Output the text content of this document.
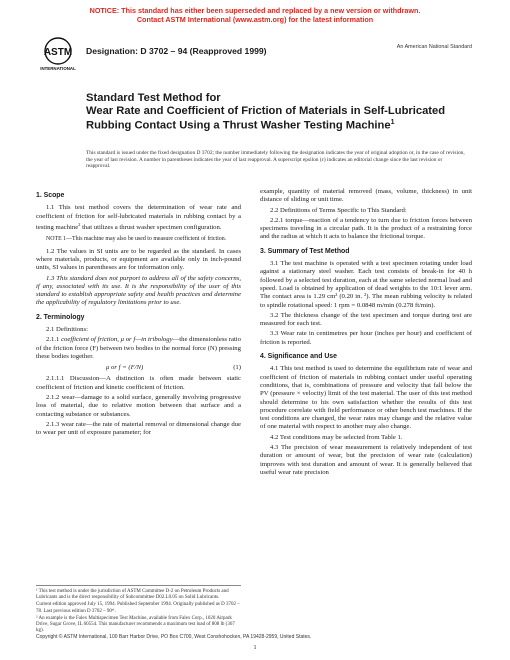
NOTICE: This standard has either been superseded and replaced by a new version or withdrawn.
Contact ASTM International (www.astm.org) for the latest information
ASTM
INTERNATIONAL
Designation: D 3702 – 94 (Reapproved 1999)	An American National Standard
Standard Test Method for
Wear Rate and Coefficient of Friction of Materials in Self-Lubricated Rubbing Contact Using a Thrust Washer Testing Machine$^1$
This standard is issued under the fixed designation D 3702; the number immediately following the designation indicates the year of original adoption or, in the case of revision, the year of last revision. A number in parentheses indicates the year of last reapproval. A superscript epsilon (ε) indicates an editorial change since the last revision or reapproval.
1. Scope

1.1 This test method covers the determination of wear rate and coefficient of friction for self-lubricated materials in rubbing contact by a testing machine$^2$ that utilizes a thrust washer specimen configuration.

NOTE 1—This machine may also be used to measure coefficient of friction.

1.2 The values in SI units are to be regarded as the standard. In cases where materials, products, or equipment are available only in inch-pound units, SI values in parentheses are for information only.

1.3 This standard does not purport to address all of the safety concerns, if any, associated with its use. It is the responsibility of the user of this standard to establish appropriate safety and health practices and determine the applicability of regulatory limitations prior to use.

2. Terminology

2.1 Definitions:

2.1.1 coefficient of friction, μ or f—in tribology—the dimensionless ratio of the friction force (F) between two bodies to the normal force (N) pressing these bodies together.

μ or f = (F/N)	(1)

2.1.1.1 Discussion—A distinction is often made between static coefficient of friction and kinetic coefficient of friction.

2.1.2 wear—damage to a solid surface, generally involving progressive loss of material, due to relative motion between that surface and a contacting substance or substances.

2.1.3 wear rate—the rate of material removal or dimensional change due to wear per unit of exposure parameter; for

example, quantity of material removed (mass, volume, thickness) in unit distance of sliding or unit time.

2.2 Definitions of Terms Specific to This Standard:

2.2.1 torque—reaction of a tendency to turn due to friction forces between specimens traveling in a circular path. It is the product of a restraining force and the radius at which it acts to balance the frictional torque.

3. Summary of Test Method

3.1 The test machine is operated with a test specimen rotating under load against a stationary steel washer. Each test consists of break-in for 40 h followed by a selected test duration, each at the same selected normal load and speed. Load is obtained by application of dead weights to the 10:1 lever arm. The contact area is 1.29 cm² (0.20 in. ²). The mean rubbing velocity is related to spindle rotational speed: 1 rpm = 0.0848 m/min (0.278 ft/min).

3.2 The thickness change of the test specimen and torque during test are measured for each test.

3.3 Wear rate in centimetres per hour (inches per hour) and coefficient of friction is reported.

4. Significance and Use

4.1 This test method is used to determine the equilibrium rate of wear and coefficient of friction of materials in rubbing contact under useful operating conditions, that is, combinations of pressure and velocity that fall below the PV (pressure × velocity) limit of the test material. The user of this test method should determine to his own satisfaction whether the results of this test procedure correlate with field performance or other bench test machines. If the test conditions are changed, the wear rates may change and the relative value of one material with respect to another may also change.

4.2 Test conditions may be selected from Table 1.

4.3 The precision of wear measurement is relatively independent of test duration or amount of wear, but the precision of wear rate (calculation) improves with test duration and amount of wear. It is generally believed that useful wear rate precision

¹ This test method is under the jurisdiction of ASTM Committee D-2 on Petroleum Products and Lubricants and is the direct responsibility of Subcommittee D02.L0.05 on Solid Lubricants.

Current edition approved July 15, 1994. Published September 1994. Originally published as D 3702 – 78. Last previous edition D 3702 – 90ᵉ¹.

² An example is the Falex Multispecimen Test Machine, available from Falex Corp., 1020 Airpark Drive, Sugar Grove, IL 60554. This manufacturer recommends a maximum test load of 808 lb (367 kg).

Copyright © ASTM International, 100 Barr Harbor Drive, PO Box C700, West Conshohocken, PA 19428-2959, United States.
1
